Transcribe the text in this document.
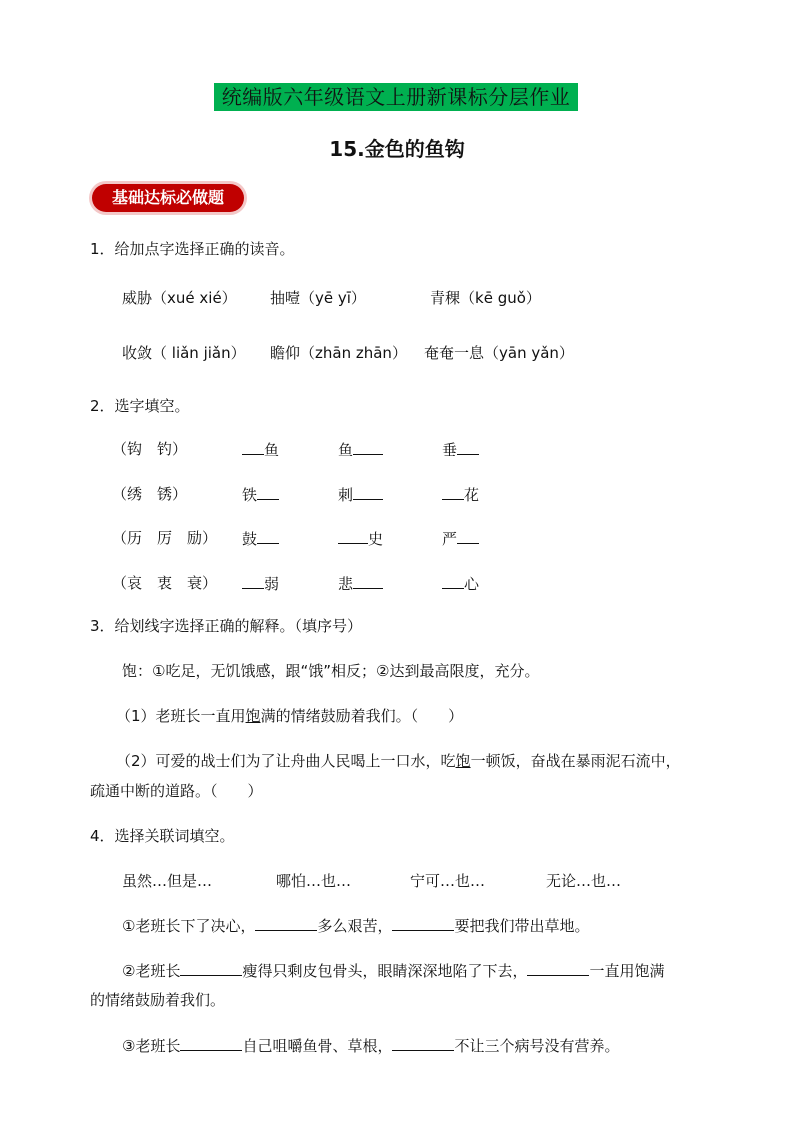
统编版六年级语文上册新课标分层作业
15.金色的鱼钩
基础达标必做题
1．给加点字选择正确的读音。
威胁（xué xié） 抽噎（yē yī）	青稞（kē guǒ）
收敛（ liǎn jiǎn） 瞻仰（zhān zhān） 奄奄一息（yān yǎn）
2．选字填空。
（钩　钓）	鱼	鱼	垂
（绣　锈）	铁	刺	花
（历　厉　励） 鼓	史	严
（哀　衷　衰）	弱	悲	心
3．给划线字选择正确的解释。（填序号）
饱：①吃足，无饥饿感，跟“饿”相反；②达到最高限度，充分。
（1）老班长一直用饱满的情绪鼓励着我们。（　　）
（2）可爱的战士们为了让舟曲人民喝上一口水，吃饱一顿饭，奋战在暴雨泥石流中，
疏通中断的道路。（　　）
4．选择关联词填空。
虽然…但是…	哪怕…也…	宁可…也…	无论…也…
①老班长下了决心，	多么艰苦，	要把我们带出草地。
②老班长	瘦得只剩皮包骨头，眼睛深深地陷了下去，	一直用饱满
的情绪鼓励着我们。
③老班长	自己咀嚼鱼骨、草根，	不让三个病号没有营养。
